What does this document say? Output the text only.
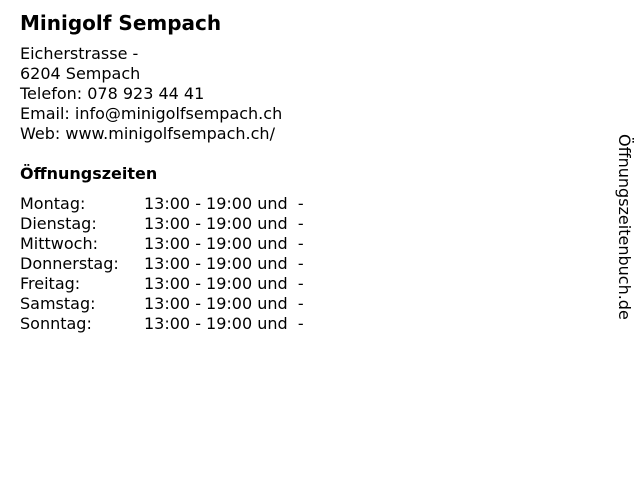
Minigolf Sempach
Eicherstrasse -
6204 Sempach
Telefon: 078 923 44 41
Email: info@minigolfsempach.ch
Web: www.minigolfsempach.ch/
Öffnungszeiten
Montag:	13:00 - 19:00 und  -
Dienstag:	13:00 - 19:00 und  -
Mittwoch:	13:00 - 19:00 und  -
Donnerstag:	13:00 - 19:00 und  -
Freitag:	13:00 - 19:00 und  -
Samstag:	13:00 - 19:00 und  -
Sonntag:	13:00 - 19:00 und  -
Öffnungszeitenbuch.de
